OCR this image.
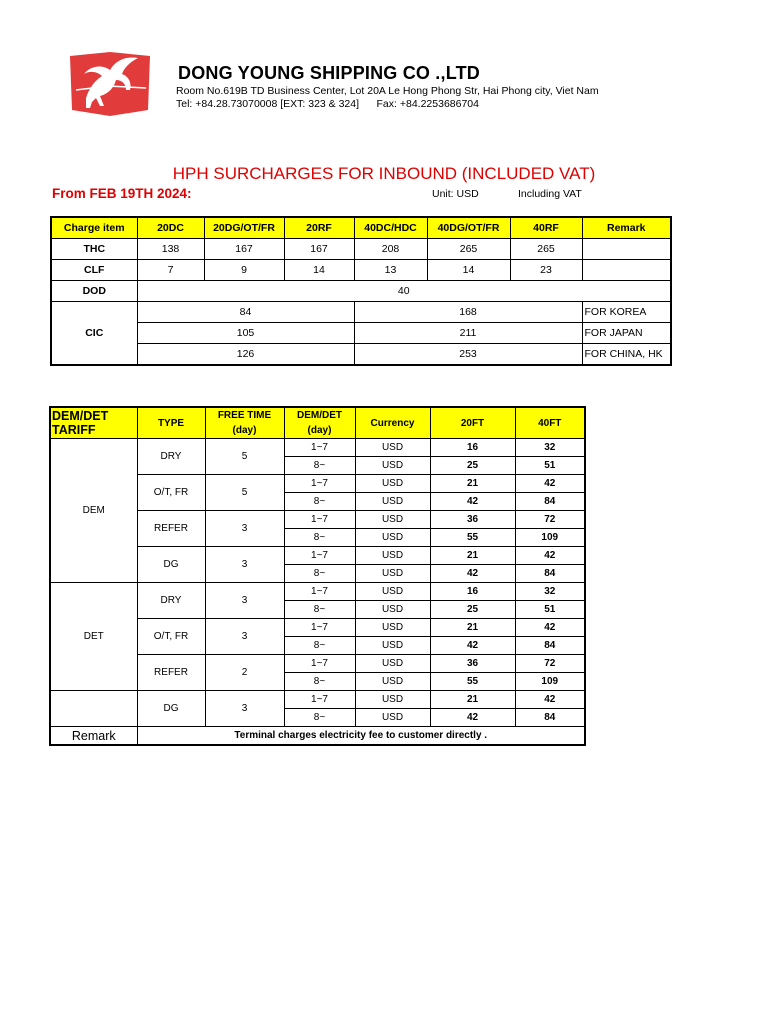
DONG YOUNG SHIPPING CO .,LTD
Room No.619B TD Business Center, Lot 20A Le Hong Phong Str, Hai Phong city, Viet Nam
Tel: +84.28.73070008 [EXT: 323 & 324]      Fax: +84.2253686704
HPH SURCHARGES FOR INBOUND (INCLUDED VAT)
From FEB 19TH 2024:	Unit: USD	Including VAT
Charge item	20DC	20DG/OT/FR	20RF	40DC/HDC	40DG/OT/FR	40RF	Remark
THC	138	167	167	208	265	265	
CLF	7	9	14	13	14	23	
DOD	40						
CIC	84			168			FOR KOREA
	105			211			FOR JAPAN
	126			253			FOR CHINA, HK
DEM/DET TARIFF	TYPE	FREE TIME (day)	DEM/DET (day)	Currency	20FT	40FT
DEM	DRY	5	1~7	USD	16	32
			8~	USD	25	51
	O/T, FR	5	1~7	USD	21	42
			8~	USD	42	84
	REFER	3	1~7	USD	36	72
			8~	USD	55	109
	DG	3	1~7	USD	21	42
			8~	USD	42	84
DET	DRY	3	1~7	USD	16	32
			8~	USD	25	51
	O/T, FR	3	1~7	USD	21	42
			8~	USD	42	84
	REFER	2	1~7	USD	36	72
			8~	USD	55	109
	DG	3	1~7	USD	21	42
			8~	USD	42	84
Remark	Terminal charges electricity fee to customer directly .					
